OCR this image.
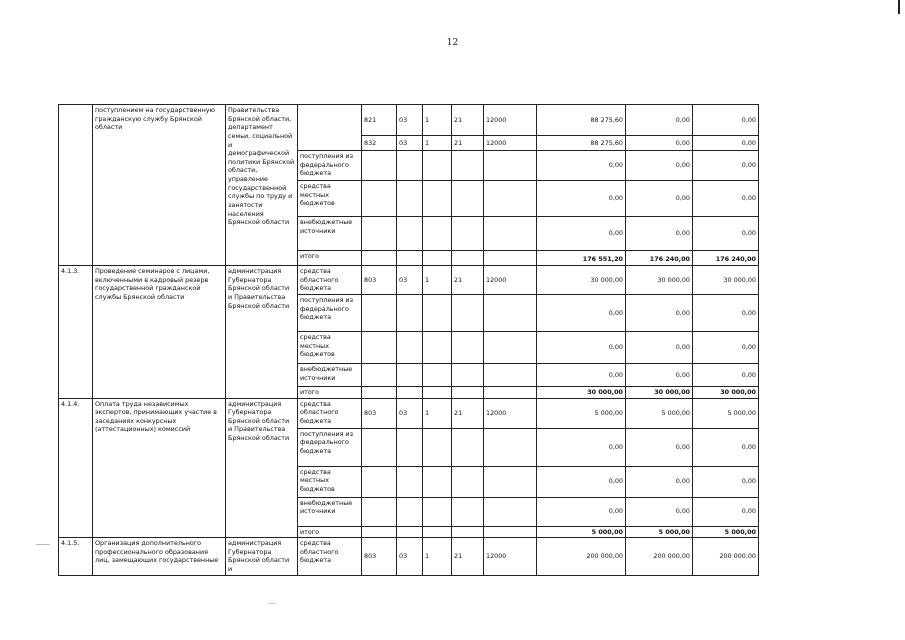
12
	поступлением на государственную гражданскую службу Брянской области	Правительства Брянской области, департамент семьи, социальной и демографической политики Брянской области, управление государственной службы по труду и занятости населения Брянской области		821	03	1	21	12000	88 275,60	0,00	0,00
				832	03	1	21	12000	88 275,60	0,00	0,00
			поступления из федерального бюджета						0,00	0,00	0,00
			средства местных бюджетов						0,00	0,00	0,00
			внебюджетные источники						0,00	0,00	0,00
			итого						176 551,20	176 240,00	176 240,00
4.1.3.	Проведение семинаров с лицами, включенными в кадровый резерв государственной гражданской службы Брянской области	администрация Губернатора Брянской области и Правительства Брянской области	средства областного бюджета	803	03	1	21	12000	30 000,00	30 000,00	30 000,00
			поступления из федерального бюджета						0,00	0,00	0,00
			средства местных бюджетов						0,00	0,00	0,00
			внебюджетные источники						0,00	0,00	0,00
			итого						30 000,00	30 000,00	30 000,00
4.1.4.	Оплата труда независимых экспертов, принимающих участие в заседаниях конкурсных (аттестационных) комиссий	администрация Губернатора Брянской области и Правительства Брянской области	средства областного бюджета	803	03	1	21	12000	5 000,00	5 000,00	5 000,00
			поступления из федерального бюджета						0,00	0,00	0,00
			средства местных бюджетов						0,00	0,00	0,00
			внебюджетные источники						0,00	0,00	0,00
			итого						5 000,00	5 000,00	5 000,00
4.1.5.	Организация дополнительного профессионального образования лиц, замещающих государственные	администрация Губернатора Брянской области и	средства областного бюджета	803	03	1	21	12000	200 000,00	200 000,00	200 000,00
